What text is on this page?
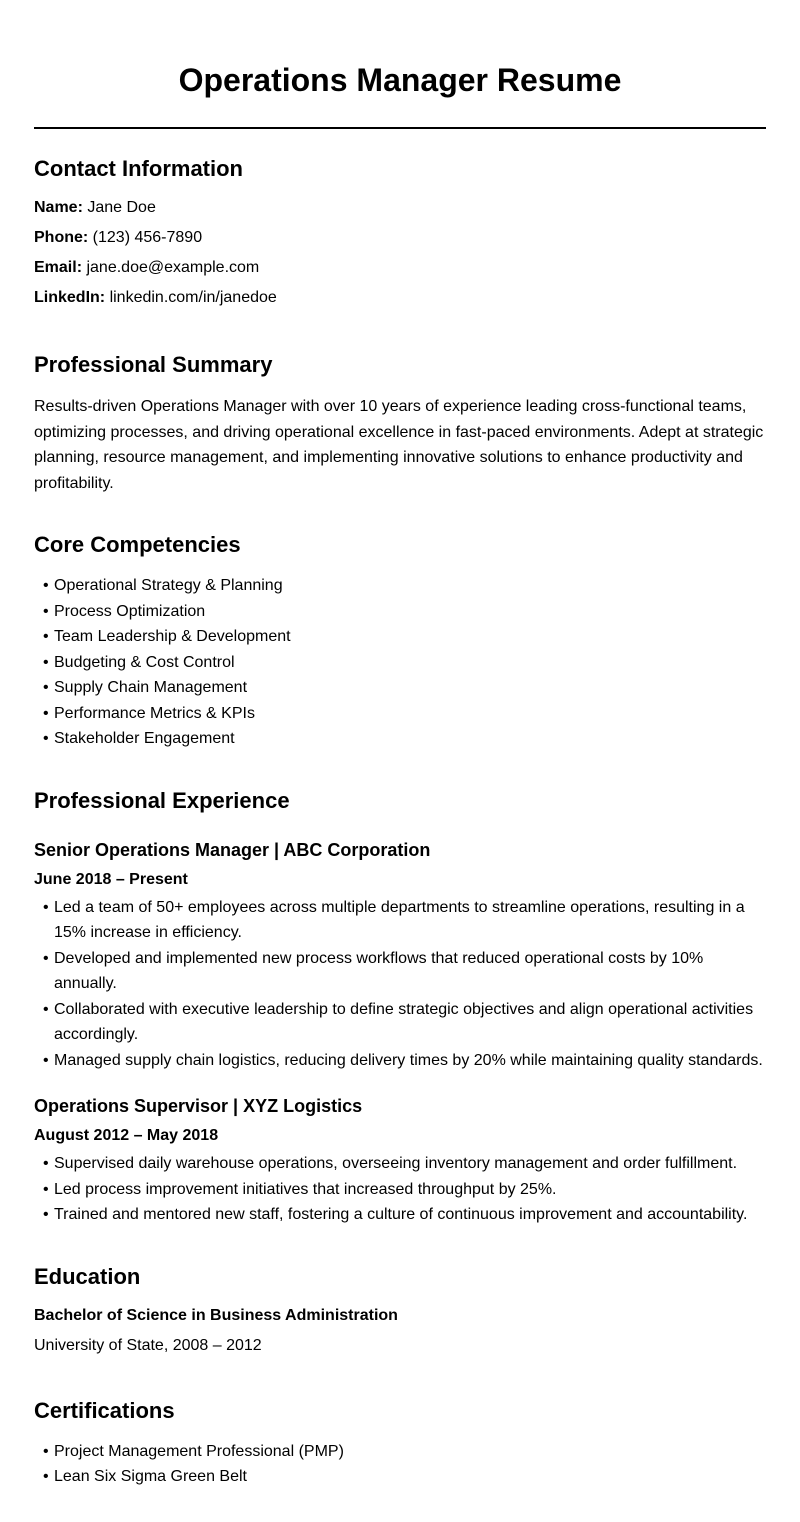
Operations Manager Resume
Contact Information

Name: Jane Doe

Phone: (123) 456-7890

Email: jane.doe@example.com

LinkedIn: linkedin.com/in/janedoe

Professional Summary

Results-driven Operations Manager with over 10 years of experience leading cross-functional teams, optimizing processes, and driving operational excellence in fast-paced environments. Adept at strategic planning, resource management, and implementing innovative solutions to enhance productivity and profitability.

Core Competencies
• Operational Strategy & Planning
• Process Optimization
• Team Leadership & Development
• Budgeting & Cost Control
• Supply Chain Management
• Performance Metrics & KPIs
• Stakeholder Engagement
Professional Experience
Senior Operations Manager | ABC Corporation

June 2018 – Present

• Led a team of 50+ employees across multiple departments to streamline operations, resulting in a 15% increase in efficiency.
• Developed and implemented new process workflows that reduced operational costs by 10% annually.
• Collaborated with executive leadership to define strategic objectives and align operational activities accordingly.
• Managed supply chain logistics, reducing delivery times by 20% while maintaining quality standards.
Operations Supervisor | XYZ Logistics

August 2012 – May 2018

• Supervised daily warehouse operations, overseeing inventory management and order fulfillment.
• Led process improvement initiatives that increased throughput by 25%.
• Trained and mentored new staff, fostering a culture of continuous improvement and accountability.
Education

Bachelor of Science in Business Administration

University of State, 2008 – 2012

Certifications
• Project Management Professional (PMP)
• Lean Six Sigma Green Belt
